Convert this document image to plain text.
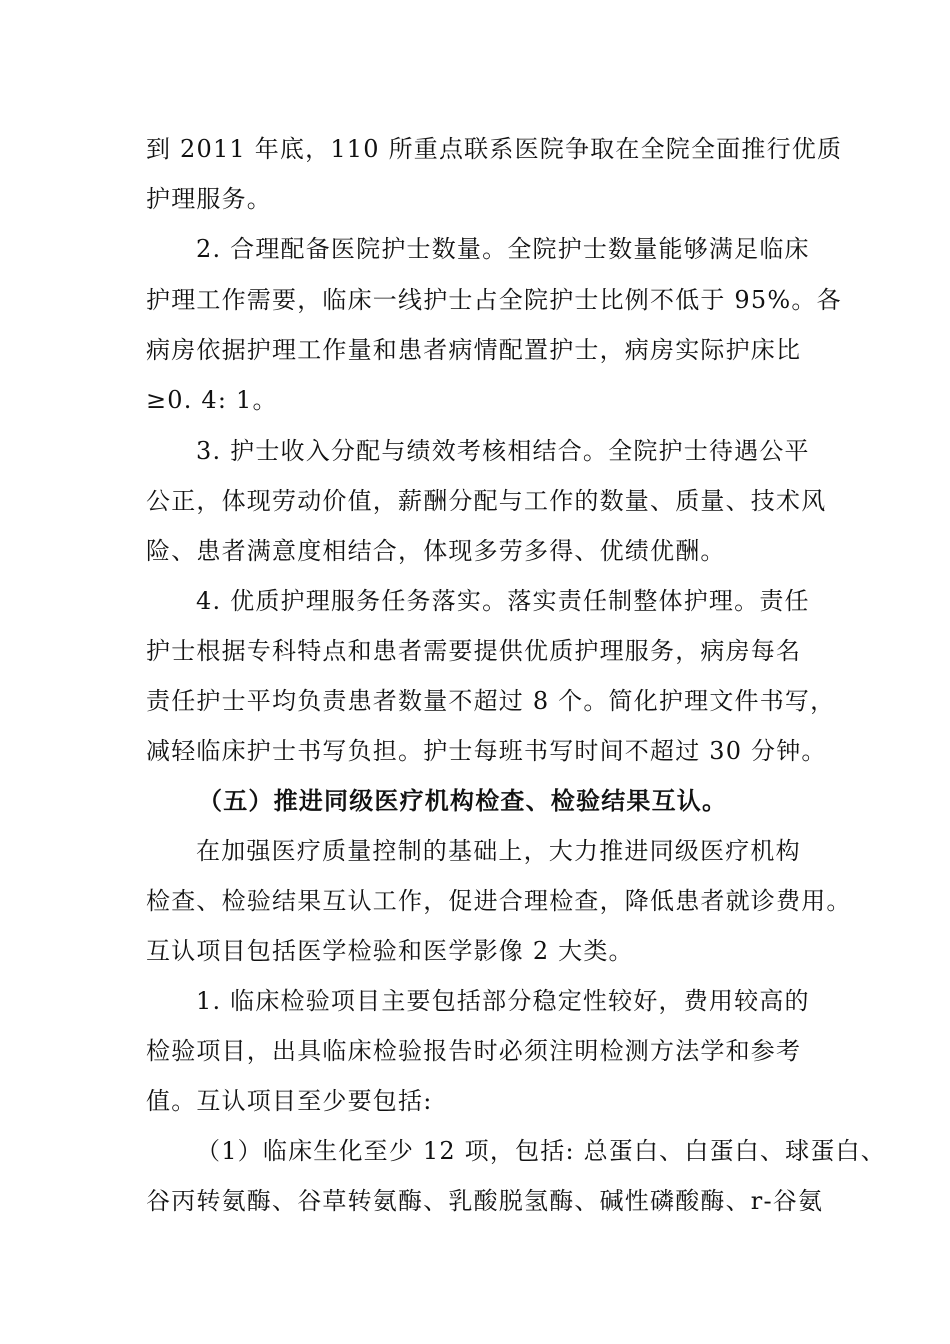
到 2011 年底，110 所重点联系医院争取在全院全面推行优质
护理服务。
2. 合理配备医院护士数量。全院护士数量能够满足临床
护理工作需要，临床一线护士占全院护士比例不低于 95%。各
病房依据护理工作量和患者病情配置护士，病房实际护床比
≥0. 4: 1。
3. 护士收入分配与绩效考核相结合。全院护士待遇公平
公正，体现劳动价值，薪酬分配与工作的数量、质量、技术风
险、患者满意度相结合，体现多劳多得、优绩优酬。
4. 优质护理服务任务落实。落实责任制整体护理。责任
护士根据专科特点和患者需要提供优质护理服务，病房每名
责任护士平均负责患者数量不超过 8 个。简化护理文件书写，
减轻临床护士书写负担。护士每班书写时间不超过 30 分钟。
（五）推进同级医疗机构检查、检验结果互认。
在加强医疗质量控制的基础上，大力推进同级医疗机构
检查、检验结果互认工作，促进合理检查，降低患者就诊费用。
互认项目包括医学检验和医学影像 2 大类。
1. 临床检验项目主要包括部分稳定性较好，费用较高的
检验项目，出具临床检验报告时必须注明检测方法学和参考
值。互认项目至少要包括:
（1）临床生化至少 12 项，包括: 总蛋白、白蛋白、球蛋白、
谷丙转氨酶、谷草转氨酶、乳酸脱氢酶、碱性磷酸酶、r-谷氨
